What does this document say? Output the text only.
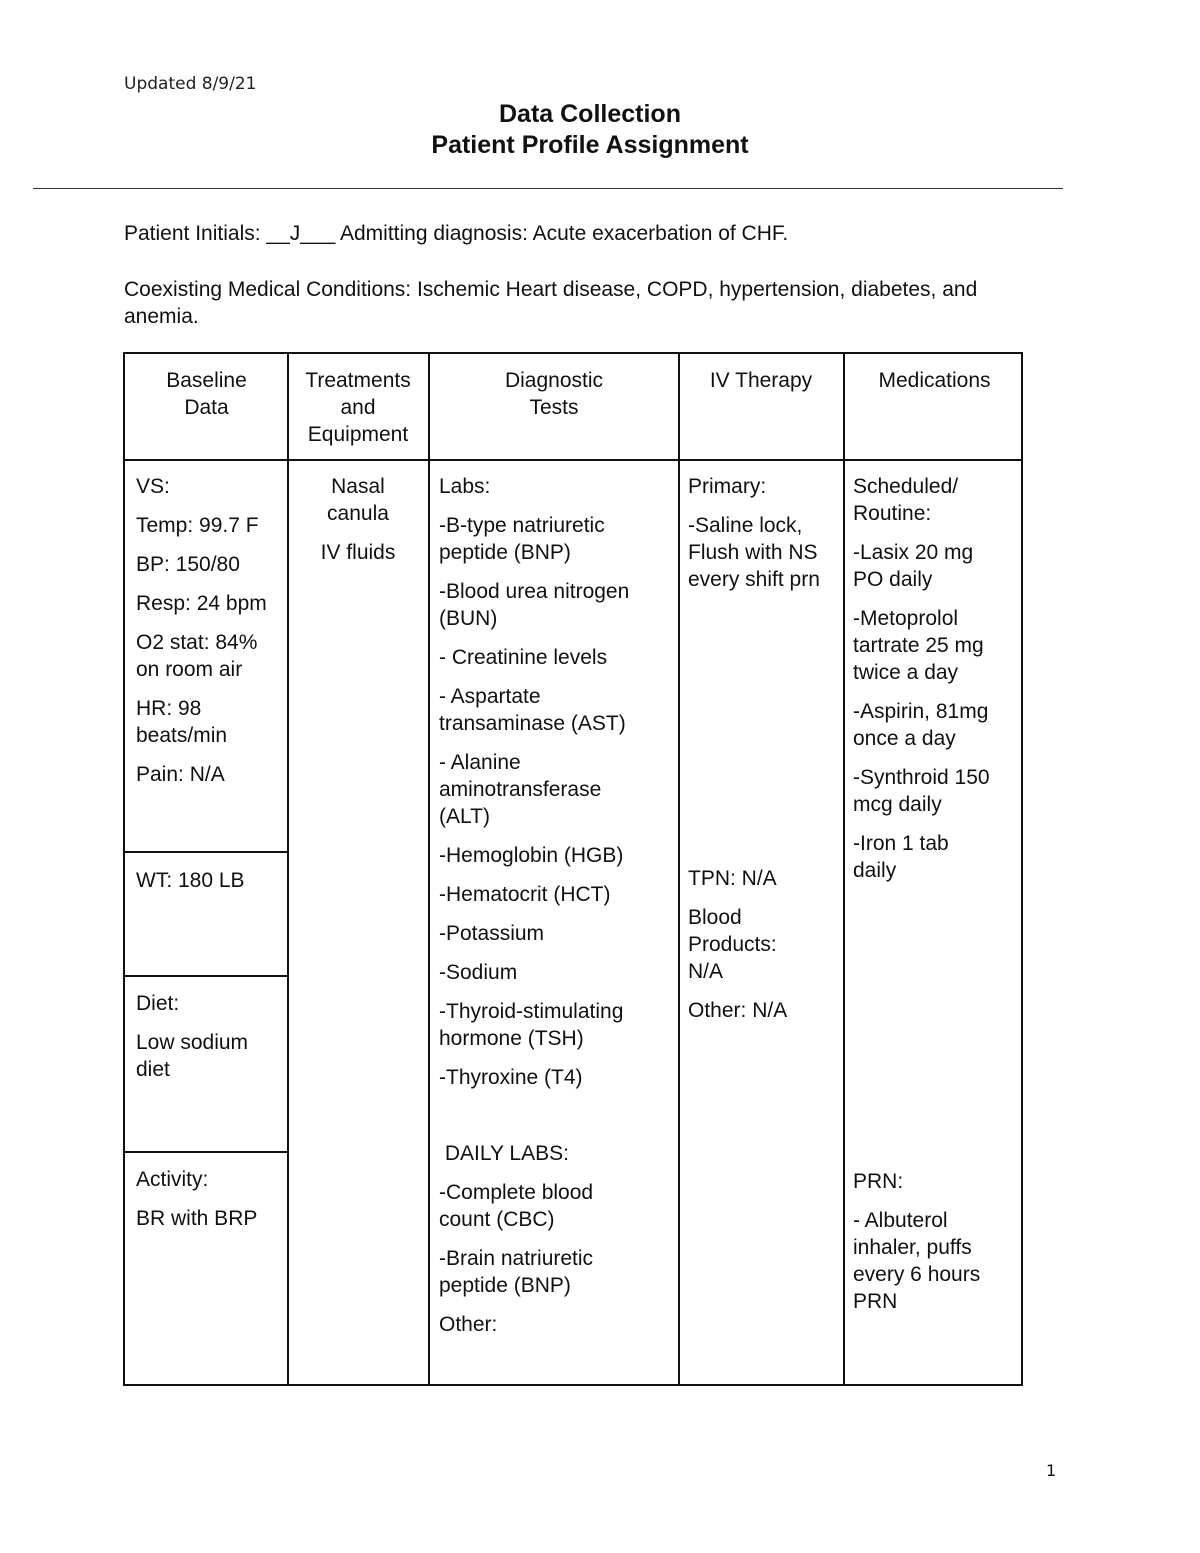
Updated 8/9/21
Data Collection
Patient Profile Assignment
Patient Initials: __J___ Admitting diagnosis: Acute exacerbation of CHF.
Coexisting Medical Conditions: Ischemic Heart disease, COPD, hypertension, diabetes, and anemia.
Baseline
Data
Treatments
and
Equipment
Diagnostic
Tests
IV Therapy	Medications

VS:

Temp: 99.7 F

BP: 150/80

Resp: 24 bpm

O2 stat: 84% on room air

HR: 98 beats/min

Pain: N/A

WT: 180 LB

Diet:

Low sodium diet

Activity:

BR with BRP

Nasal canula

IV fluids

Labs:

-B-type natriuretic peptide (BNP)

-Blood urea nitrogen (BUN)

- Creatinine levels

- Aspartate transaminase (AST)

- Alanine aminotransferase (ALT)

-Hemoglobin (HGB)

-Hematocrit (HCT)

-Potassium

-Sodium

-Thyroid-stimulating hormone (TSH)

-Thyroxine (T4)

DAILY LABS:

-Complete blood count (CBC)

-Brain natriuretic peptide (BNP)

Other:

Primary:

-Saline lock, Flush with NS every shift prn

TPN: N/A

Blood Products: N/A

Other: N/A

Scheduled/ Routine:

-Lasix 20 mg PO daily

-Metoprolol tartrate 25 mg twice a day

-Aspirin, 81mg once a day

-Synthroid 150 mcg daily

-Iron 1 tab daily

PRN:

- Albuterol inhaler, puffs every 6 hours PRN

1
